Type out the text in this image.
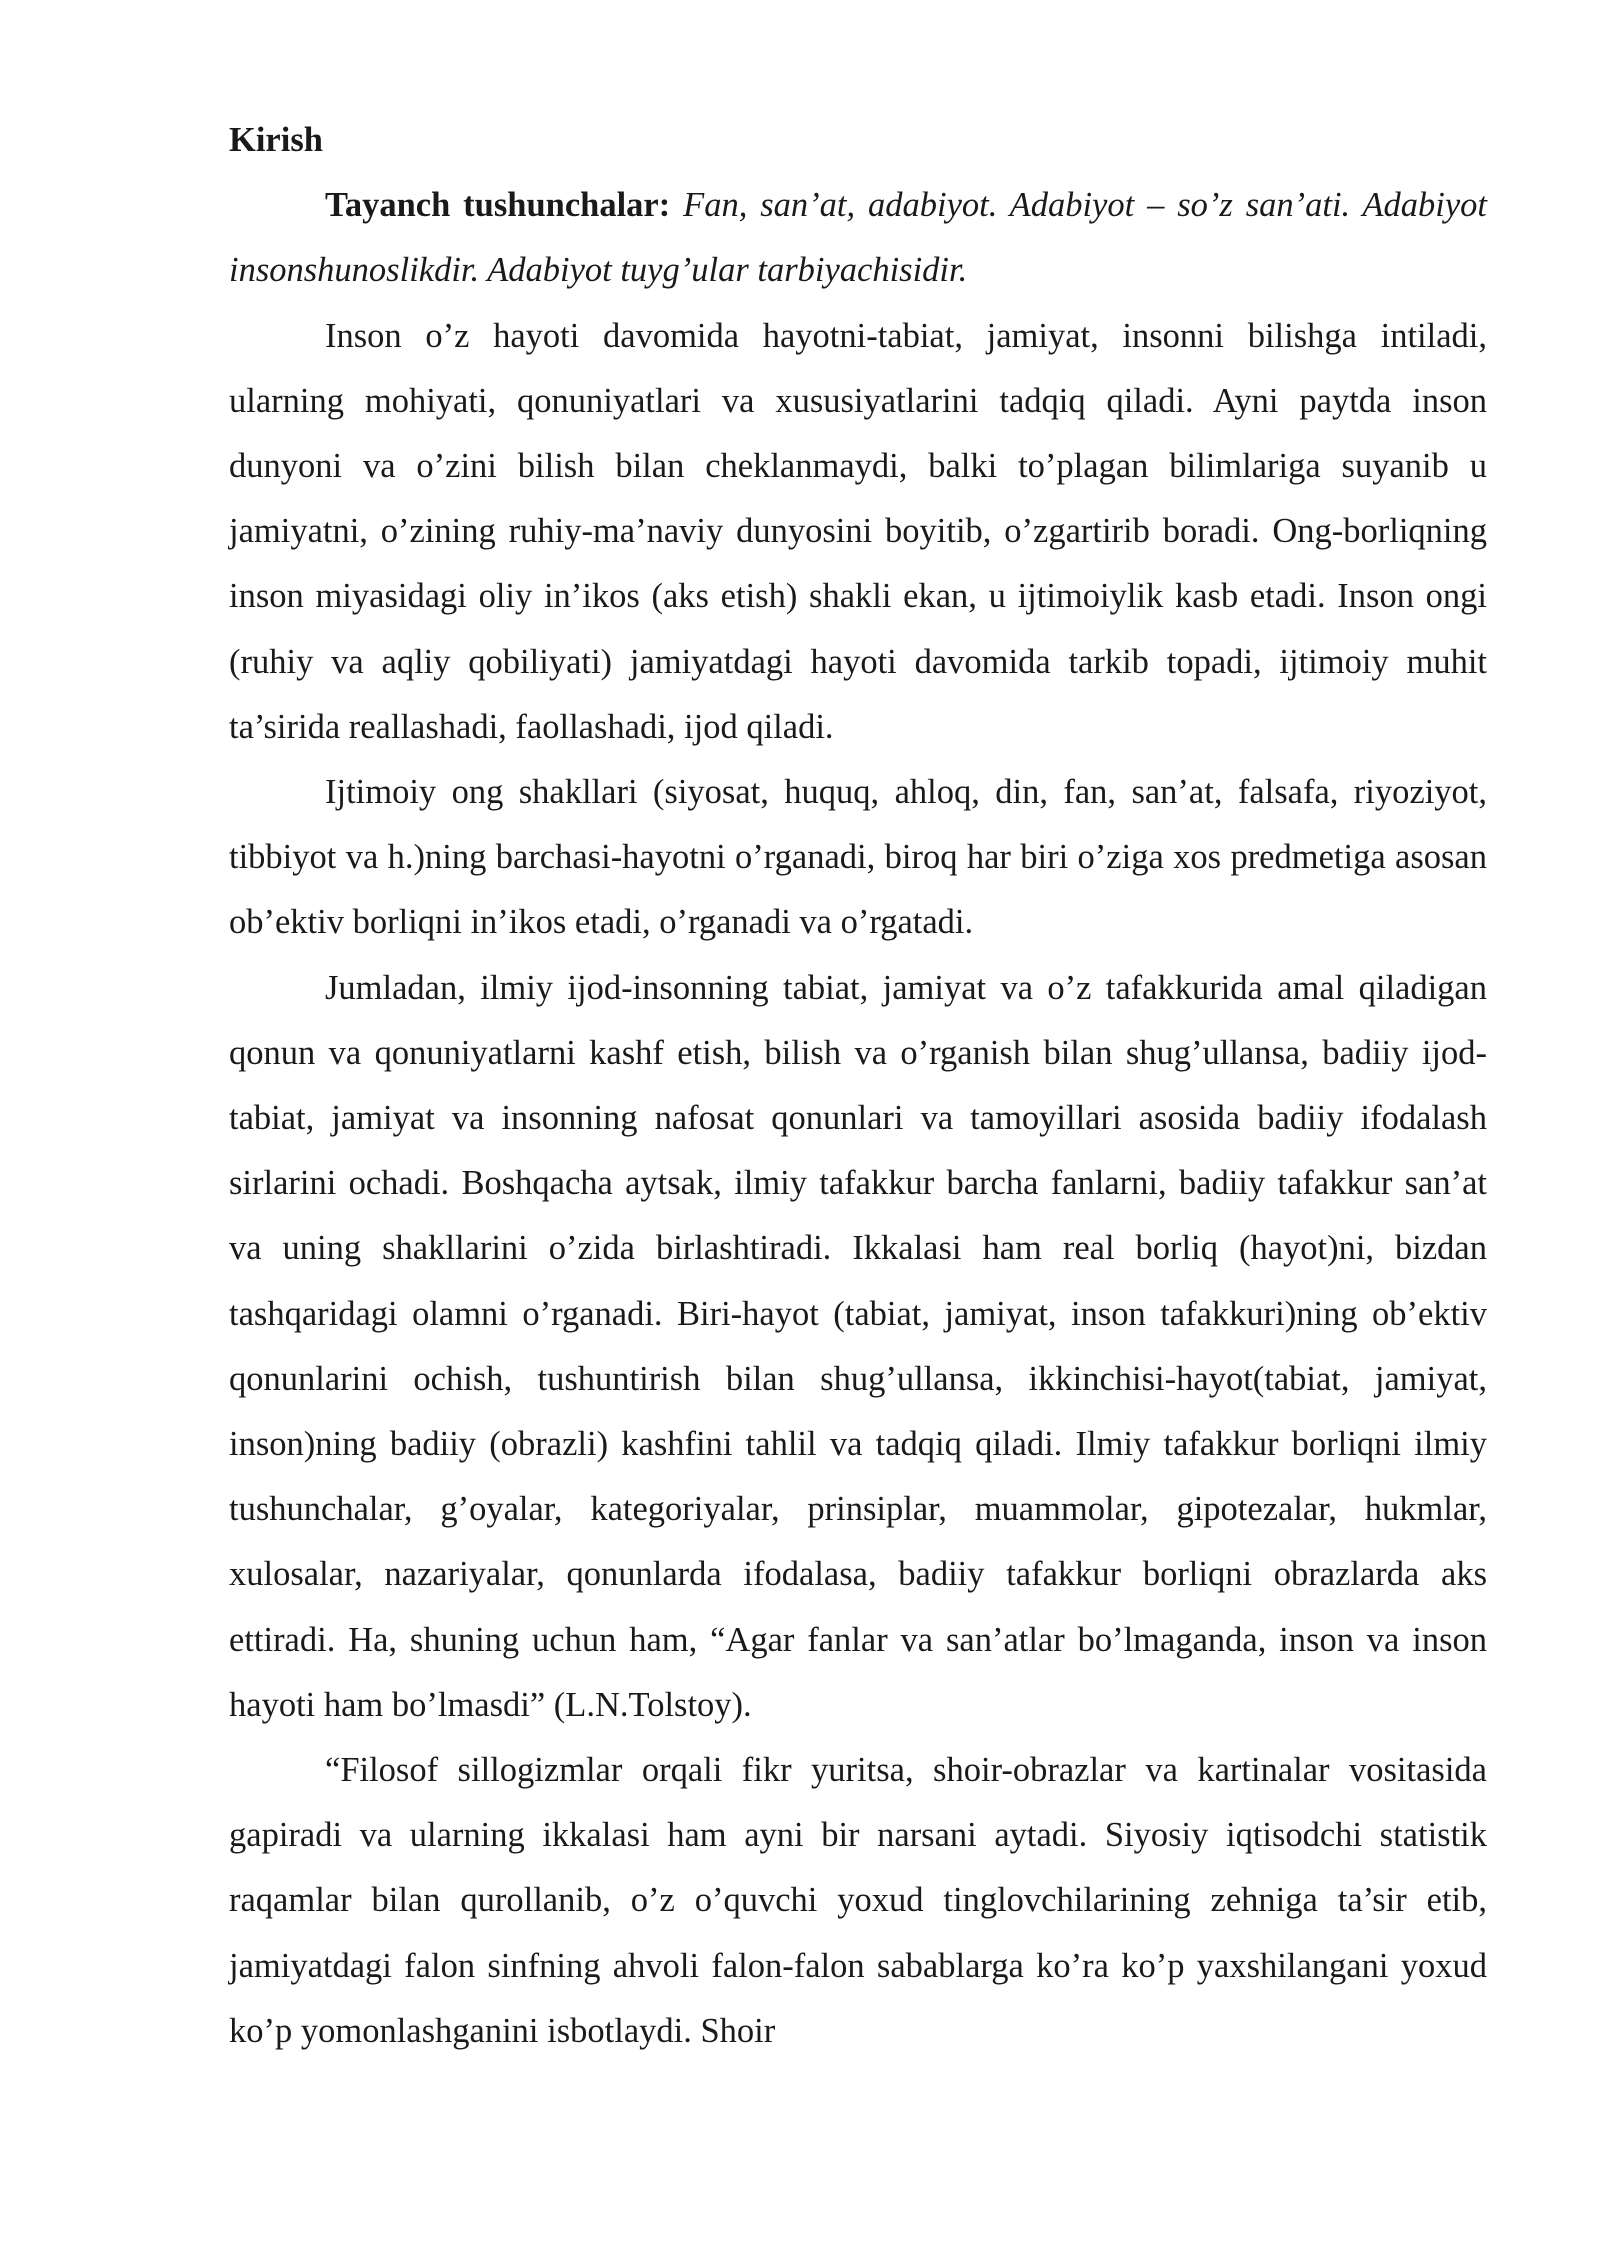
Kirish

Tayanch tushunchalar: Fan, san’at, adabiyot. Adabiyot – so’z san’ati. Adabiyot insonshunoslikdir. Adabiyot tuyg’ular tarbiyachisidir.

Inson o’z hayoti davomida hayotni-tabiat, jamiyat, insonni bilishga intiladi, ularning mohiyati, qonuniyatlari va xususiyatlarini tadqiq qiladi. Ayni paytda inson dunyoni va o’zini bilish bilan cheklanmaydi, balki to’plagan bilimlariga suyanib u jamiyatni, o’zining ruhiy-ma’naviy dunyosini boyitib, o’zgartirib boradi. Ong-borliqning inson miyasidagi oliy in’ikos (aks etish) shakli ekan, u ijtimoiylik kasb etadi. Inson ongi (ruhiy va aqliy qobiliyati) jamiyatdagi hayoti davomida tarkib topadi, ijtimoiy muhit ta’sirida reallashadi, faollashadi, ijod qiladi.

Ijtimoiy ong shakllari (siyosat, huquq, ahloq, din, fan, san’at, falsafa, riyoziyot, tibbiyot va h.)ning barchasi-hayotni o’rganadi, biroq har biri o’ziga xos predmetiga asosan ob’ektiv borliqni in’ikos etadi, o’rganadi va o’rgatadi.

Jumladan, ilmiy ijod-insonning tabiat, jamiyat va o’z tafakkurida amal qiladigan qonun va qonuniyatlarni kashf etish, bilish va o’rganish bilan shug’ullansa, badiiy ijod-tabiat, jamiyat va insonning nafosat qonunlari va tamoyillari asosida badiiy ifodalash sirlarini ochadi. Boshqacha aytsak, ilmiy tafakkur barcha fanlarni, badiiy tafakkur san’at va uning shakllarini o’zida birlashtiradi. Ikkalasi ham real borliq (hayot)ni, bizdan tashqaridagi olamni o’rganadi. Biri-hayot (tabiat, jamiyat, inson tafakkuri)ning ob’ektiv qonunlarini ochish, tushuntirish bilan shug’ullansa, ikkinchisi-hayot(tabiat, jamiyat, inson)ning badiiy (obrazli) kashfini tahlil va tadqiq qiladi. Ilmiy tafakkur borliqni ilmiy tushunchalar, g’oyalar, kategoriyalar, prinsiplar, muammolar, gipotezalar, hukmlar, xulosalar, nazariyalar, qonunlarda ifodalasa, badiiy tafakkur borliqni obrazlarda aks ettiradi. Ha, shuning uchun ham, “Agar fanlar va san’atlar bo’lmaganda, inson va inson hayoti ham bo’lmasdi” (L.N.Tolstoy).

“Filosof sillogizmlar orqali fikr yuritsa, shoir-obrazlar va kartinalar vositasida gapiradi va ularning ikkalasi ham ayni bir narsani aytadi. Siyosiy iqtisodchi statistik raqamlar bilan qurollanib, o’z o’quvchi yoxud tinglovchilarining zehniga ta’sir etib, jamiyatdagi falon sinfning ahvoli falon-falon sabablarga ko’ra ko’p yaxshilangani yoxud ko’p yomonlashganini isbotlaydi. Shoir
